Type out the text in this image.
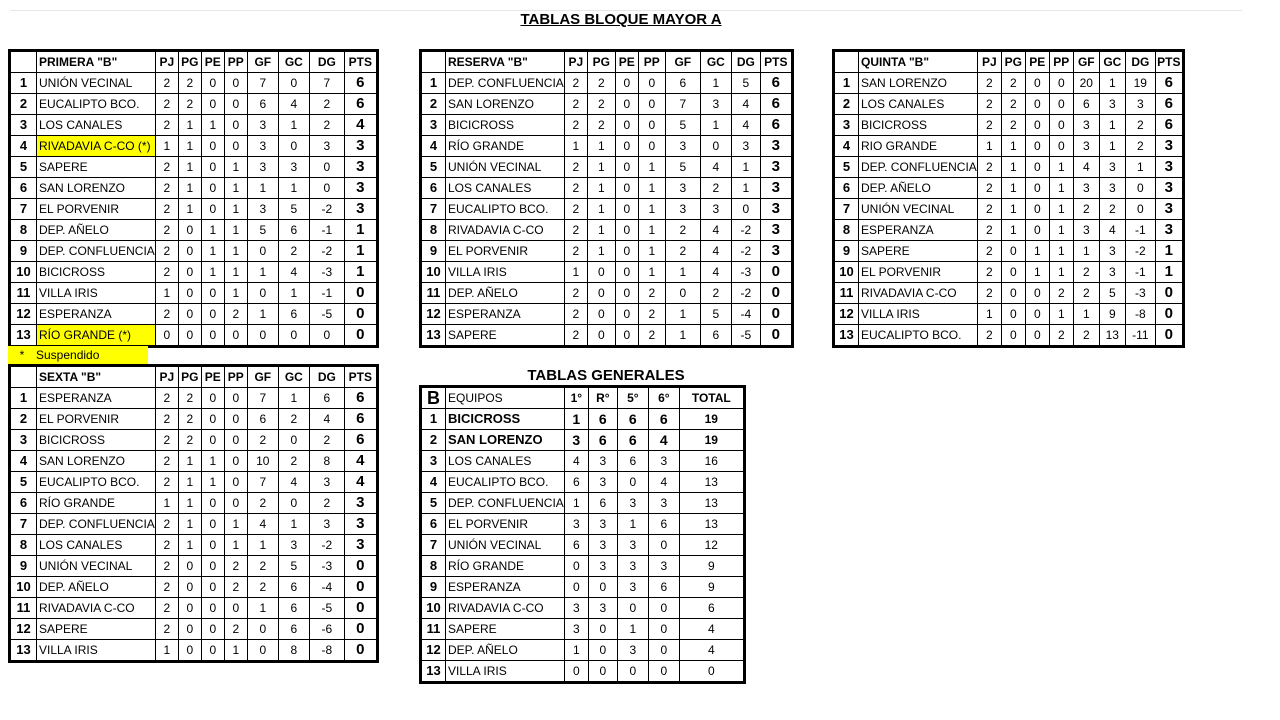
TABLAS BLOQUE MAYOR A
	PRIMERA "B"	PJ	PG	PE	PP	GF	GC	DG	PTS
1	UNIÓN VECINAL	2	2	0	0	7	0	7	6
2	EUCALIPTO BCO.	2	2	0	0	6	4	2	6
3	LOS CANALES	2	1	1	0	3	1	2	4
4	RIVADAVIA C-CO (*)	1	1	0	0	3	0	3	3
5	SAPERE	2	1	0	1	3	3	0	3
6	SAN LORENZO	2	1	0	1	1	1	0	3
7	EL PORVENIR	2	1	0	1	3	5	-2	3
8	DEP. AÑELO	2	0	1	1	5	6	-1	1
9	DEP. CONFLUENCIA	2	0	1	1	0	2	-2	1
10	BICICROSS	2	0	1	1	1	4	-3	1
11	VILLA IRIS	1	0	0	1	0	1	-1	0
12	ESPERANZA	2	0	0	2	1	6	-5	0
13	RÍO GRANDE (*)	0	0	0	0	0	0	0	0
	RESERVA "B"	PJ	PG	PE	PP	GF	GC	DG	PTS
1	DEP. CONFLUENCIA	2	2	0	0	6	1	5	6
2	SAN LORENZO	2	2	0	0	7	3	4	6
3	BICICROSS	2	2	0	0	5	1	4	6
4	RÍO GRANDE	1	1	0	0	3	0	3	3
5	UNIÓN VECINAL	2	1	0	1	5	4	1	3
6	LOS CANALES	2	1	0	1	3	2	1	3
7	EUCALIPTO BCO.	2	1	0	1	3	3	0	3
8	RIVADAVIA C-CO	2	1	0	1	2	4	-2	3
9	EL PORVENIR	2	1	0	1	2	4	-2	3
10	VILLA IRIS	1	0	0	1	1	4	-3	0
11	DEP. AÑELO	2	0	0	2	0	2	-2	0
12	ESPERANZA	2	0	0	2	1	5	-4	0
13	SAPERE	2	0	0	2	1	6	-5	0
	QUINTA "B"	PJ	PG	PE	PP	GF	GC	DG	PTS
1	SAN LORENZO	2	2	0	0	20	1	19	6
2	LOS CANALES	2	2	0	0	6	3	3	6
3	BICICROSS	2	2	0	0	3	1	2	6
4	RIO GRANDE	1	1	0	0	3	1	2	3
5	DEP. CONFLUENCIA	2	1	0	1	4	3	1	3
6	DEP. AÑELO	2	1	0	1	3	3	0	3
7	UNIÓN VECINAL	2	1	0	1	2	2	0	3
8	ESPERANZA	2	1	0	1	3	4	-1	3
9	SAPERE	2	0	1	1	1	3	-2	1
10	EL PORVENIR	2	0	1	1	2	3	-1	1
11	RIVADAVIA C-CO	2	0	0	2	2	5	-3	0
12	VILLA IRIS	1	0	0	1	1	9	-8	0
13	EUCALIPTO BCO.	2	0	0	2	2	13	-11	0
* Suspendido
	SEXTA "B"	PJ	PG	PE	PP	GF	GC	DG	PTS
1	ESPERANZA	2	2	0	0	7	1	6	6
2	EL PORVENIR	2	2	0	0	6	2	4	6
3	BICICROSS	2	2	0	0	2	0	2	6
4	SAN LORENZO	2	1	1	0	10	2	8	4
5	EUCALIPTO BCO.	2	1	1	0	7	4	3	4
6	RÍO GRANDE	1	1	0	0	2	0	2	3
7	DEP. CONFLUENCIA	2	1	0	1	4	1	3	3
8	LOS CANALES	2	1	0	1	1	3	-2	3
9	UNIÓN VECINAL	2	0	0	2	2	5	-3	0
10	DEP. AÑELO	2	0	0	2	2	6	-4	0
11	RIVADAVIA C-CO	2	0	0	0	1	6	-5	0
12	SAPERE	2	0	0	2	0	6	-6	0
13	VILLA IRIS	1	0	0	1	0	8	-8	0
TABLAS GENERALES
B	EQUIPOS	1°	R°	5°	6°	TOTAL
1	BICICROSS	1	6	6	6	19
2	SAN LORENZO	3	6	6	4	19
3	LOS CANALES	4	3	6	3	16
4	EUCALIPTO BCO.	6	3	0	4	13
5	DEP. CONFLUENCIA	1	6	3	3	13
6	EL PORVENIR	3	3	1	6	13
7	UNIÓN VECINAL	6	3	3	0	12
8	RÍO GRANDE	0	3	3	3	9
9	ESPERANZA	0	0	3	6	9
10	RIVADAVIA C-CO	3	3	0	0	6
11	SAPERE	3	0	1	0	4
12	DEP. AÑELO	1	0	3	0	4
13	VILLA IRIS	0	0	0	0	0
